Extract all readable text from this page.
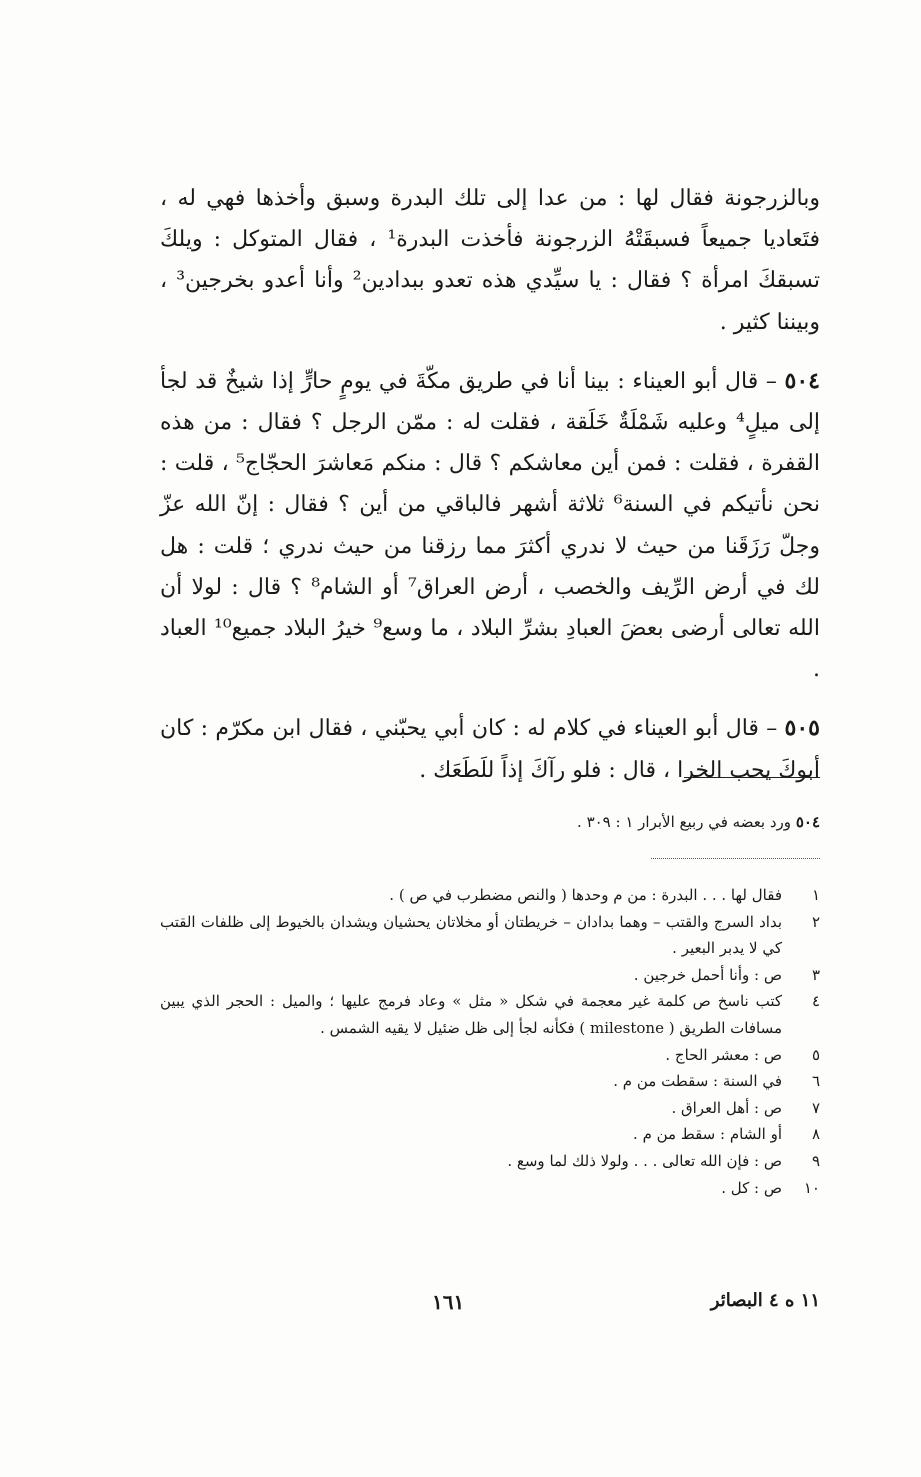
وبالزرجونة فقال لها : من عدا إلى تلك البدرة وسبق وأخذها فهي له ، فتَعاديا جميعاً فسبقَتْهُ الزرجونة فأخذت البدرة¹ ، فقال المتوكل : ويلكَ تسبقكَ امرأة ؟ فقال : يا سيِّدي هذه تعدو ببدادين² وأنا أعدو بخرجين³ ، وبيننا كثير .

٥٠٤ – قال أبو العيناء : بينا أنا في طريق مكّةَ في يومٍ حارٍّ إذا شيخٌ قد لجأ إلى ميلٍ⁴ وعليه شَمْلَةٌ خَلَقة ، فقلت له : ممّن الرجل ؟ فقال : من هذه القفرة ، فقلت : فمن أين معاشكم ؟ قال : منكم مَعاشرَ الحجّاج⁵ ، قلت : نحن نأتيكم في السنة⁶ ثلاثة أشهر فالباقي من أين ؟ فقال : إنّ الله عزّ وجلّ رَزَقَنا من حيث لا ندري أكثرَ مما رزقنا من حيث ندري ؛ قلت : هل لك في أرض الرِّيف والخصب ، أرض العراق⁷ أو الشام⁸ ؟ قال : لولا أن الله تعالى أرضى بعضَ العبادِ بشرِّ البلاد ، ما وسع⁹ خيرُ البلاد جميع¹⁰ العباد .

٥٠٥ – قال أبو العيناء في كلام له : كان أبي يحبّني ، فقال ابن مكرّم : كان أبوكَ يحب الخرا ، قال : فلو رآكَ إذاً للَطَعَك .

٥٠٤ ورد بعضه في ربيع الأبرار ١ : ٣٠٩ .
١
فقال لها . . . البدرة : من م وحدها ( والنص مضطرب في ص ) .
٢
بداد السرج والقتب – وهما بدادان – خريطتان أو مخلاتان يحشيان ويشدان بالخيوط إلى ظلفات القتب كي لا يدبر البعير .
٣
ص : وأنا أحمل خرجين .
٤
كتب ناسخ ص كلمة غير معجمة في شكل « مثل » وعاد فرمج عليها ؛ والميل : الحجر الذي يبين مسافات الطريق ( milestone ) فكأنه لجأ إلى ظل ضئيل لا يقيه الشمس .
٥
ص : معشر الحاج .
٦
في السنة : سقطت من م .
٧
ص : أهل العراق .
٨
أو الشام : سقط من م .
٩
ص : فإن الله تعالى . . . ولولا ذلك لما وسع .
١٠
ص : كل .
١١ ه ٤ البصائر
١٦١
